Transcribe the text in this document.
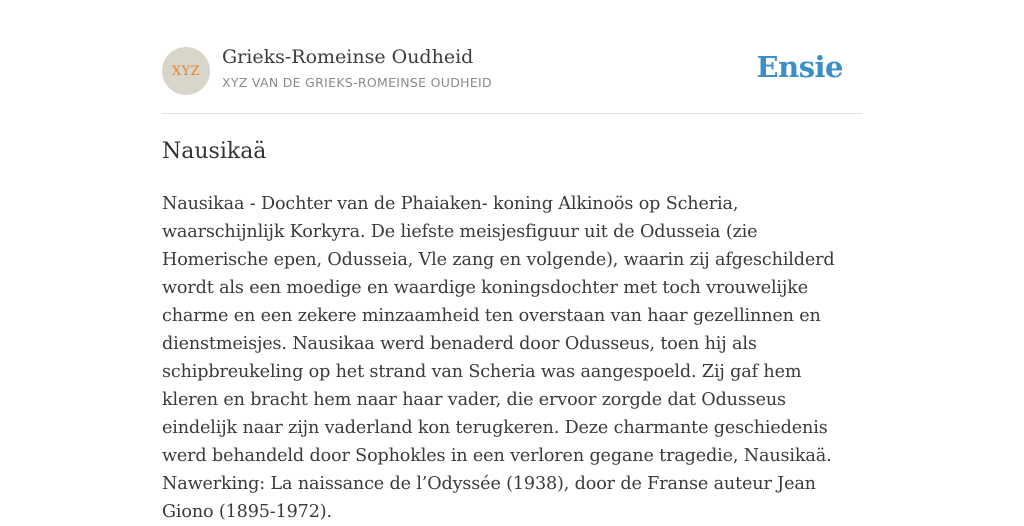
XYZ
Grieks-Romeinse Oudheid
XYZ VAN DE GRIEKS-ROMEINSE OUDHEID	Ensie
Nausikaä

Nausikaa - Dochter van de Phaiaken- koning Alkinoös op Scheria, waarschijnlijk Korkyra. De liefste meisjesfiguur uit de Odusseia (zie Homerische epen, Odusseia, Vle zang en volgende), waarin zij afgeschilderd wordt als een moedige en waardige koningsdochter met toch vrouwelijke charme en een zekere minzaamheid ten overstaan van haar gezellinnen en dienstmeisjes. Nausikaa werd benaderd door Odusseus, toen hij als schipbreukeling op het strand van Scheria was aangespoeld. Zij gaf hem kleren en bracht hem naar haar vader, die ervoor zorgde dat Odusseus eindelijk naar zijn vaderland kon terugkeren. Deze charmante geschiedenis werd behandeld door Sophokles in een verloren gegane tragedie, Nausikaä. Nawerking: La naissance de l’Odyssée (1938), door de Franse auteur Jean Giono (1895-1972).
